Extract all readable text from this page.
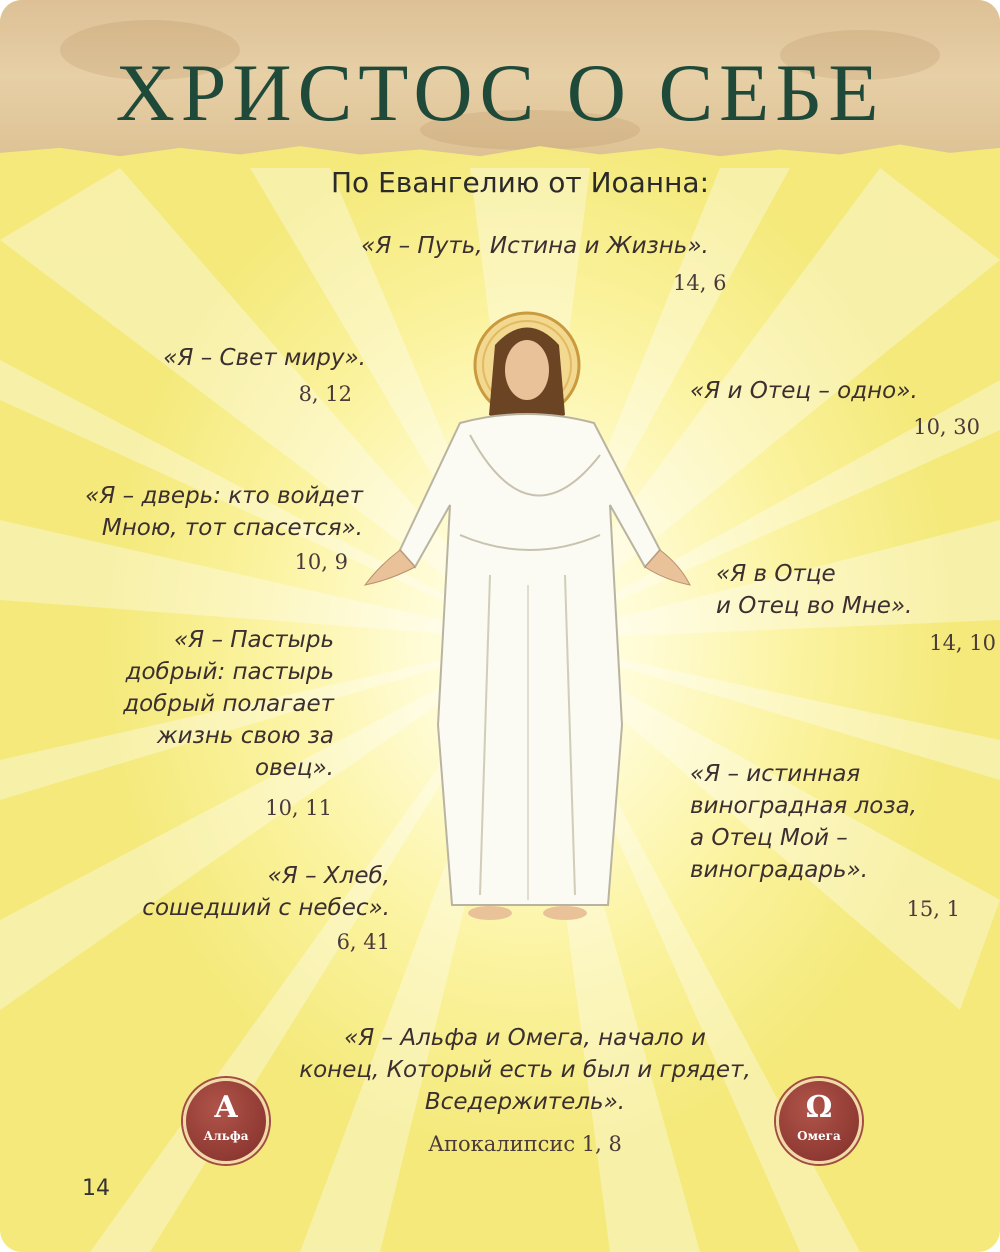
ХРИСТОС О СЕБЕ
По Евангелию от Иоанна:
«Я – Путь, Истина и Жизнь».
14, 6
«Я – Свет миру».
8, 12
«Я – дверь: кто войдет
Мною, тот спасется».
10, 9
«Я – Пастырь
добрый: пастырь
добрый полагает
жизнь свою за
овец».
10, 11
«Я – Хлеб,
сошедший с небес».
6, 41
«Я и Отец – одно».
10, 30
«Я в Отце
и Отец во Мне».
14, 10
«Я – истинная
виноградная лоза,
а Отец Мой –
виноградарь».
15, 1
«Я – Альфа и Омега, начало и
конец, Который есть и был и грядет,
Вседержитель».
Апокалипсис 1, 8
A
Альфа
Ω
Омега
14
